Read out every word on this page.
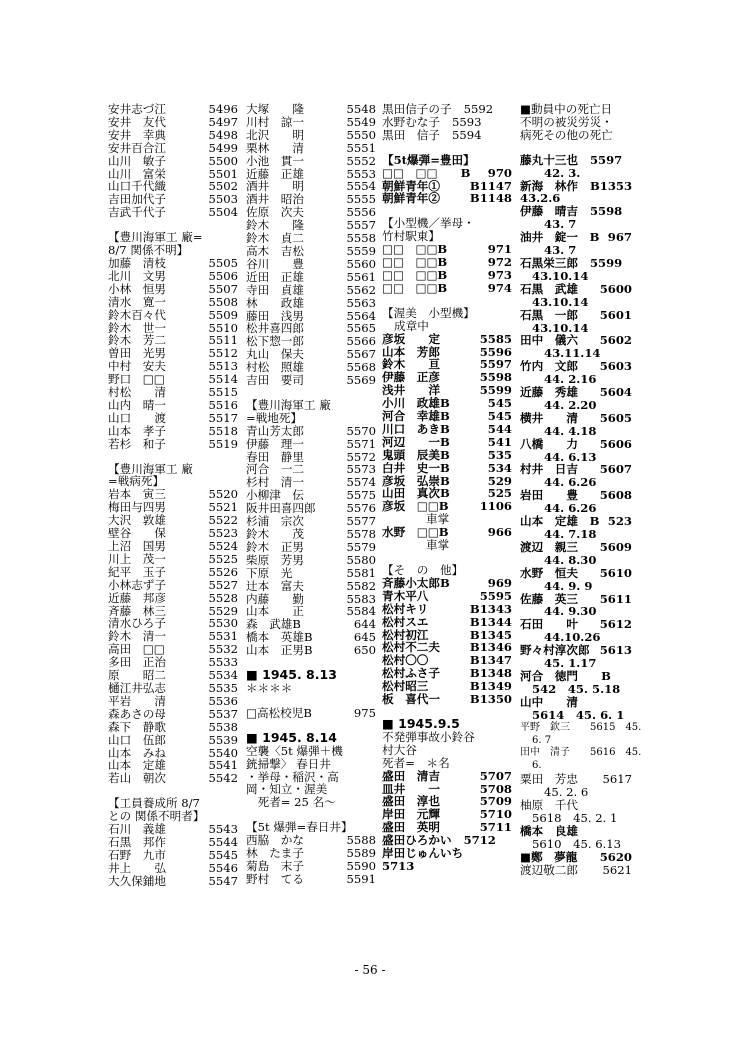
安井志づ江	5496
安井　友代	5497
安井　幸典	5498
安井百合江	5499
山川　敏子	5500
山川　富栄	5501
山口千代織	5502
吉田加代子	5503
吉武千代子	5504
【豊川海軍工 廠=
8/7 関係不明】
加藤　清枝	5505
北川　文男	5506
小林　恒男	5507
清水　寛一	5508
鈴木百々代	5509
鈴木　世一	5510
鈴木　芳二	5511
曽田　光男	5512
中村　安夫	5513
野口　□□	5514
村松　　清	5515
山内　晴一	5516
山口　　渡	5517
山本　孝子	5518
若杉　和子	5519
【豊川海軍工 廠
=戦病死】
岩本　寅三	5520
梅田与四男	5521
大沢　敦雄	5522
壁谷　　保	5523
上沼　国男	5524
川上　茂一	5525
紀平　玉子	5526
小林志ず子	5527
近藤　邦彦	5528
斉藤　林三	5529
清水ひろ子	5530
鈴木　清一	5531
高田　□□	5532
多田　正治	5533
原　　昭二	5534
樋江井弘志	5535
平岩　　清	5536
森あさの母	5537
森下　静歌	5538
山口　伍郎	5539
山本　みね	5540
山本　定雄	5541
若山　朝次	5542
【工員養成所 8/7
との 関係不明者】
石川　義雄	5543
石黒　邦作	5544
石野　九市	5545
井上　　弘	5546
大久保鋪地	5547
大塚　　隆	5548
川村　諒一	5549
北沢　　明	5550
栗林　　清	5551
小池　貫一	5552
近藤　正雄	5553
酒井　　明	5554
酒井　昭治	5555
佐原　次夫	5556
鈴木　　隆	5557
鈴木　貞二	5558
高木　吉松	5559
谷川　　豊	5560
近田　正雄	5561
寺田　貞雄	5562
林　　政雄	5563
藤田　浅男	5564
松井喜四郎	5565
松下惣一郎	5566
丸山　保夫	5567
村松　照雄	5568
吉田　要司	5569
【豊川海軍工 廠
=戦地死】
青山芳太郎	5570
伊藤　理一	5571
春田　静里	5572
河合　一二	5573
杉村　清一	5574
小柳津　伝	5575
阪井田喜四郎	5576
杉浦　宗次	5577
鈴木　　茂	5578
鈴木　正男	5579
柴原　芳男	5580
下原　光	5581
辻本　富夫	5582
内藤　　勤	5583
山本　　正	5584
森　武雄B	644
橋本　英雄B	645
山本　正男B	650
■ 1945. 8.13
＊＊＊＊
□高松校児B	975
■ 1945. 8.14
空襲〈5t 爆弾＋機
銃掃撃〉 春日井
・挙母・稲沢・高
岡・知立・渥美
　死者= 25 名〜
【5t 爆弾=春日井】
西脇　かな	5588
林　たま子	5589
菊島　末子	5590
野村　てる	5591
黒田信子の子	5592
水野むな子	5593
黒田　信子	5594
【5t爆弾=豊田】
□□　□□　　B	970
朝鮮青年①	B1147
朝鮮青年②	B1148
【小型機／挙母・
竹村駅東】
□□　□□B	971
□□　□□B	972
□□　□□B	973
□□　□□B	974
【渥美　小型機】
成章中
彦坂　　定	5585
山本　芳郎	5596
鈴木　　亘	5597
伊藤　正彦	5598
浅井　　洋	5599
小川　政雄B	545
河合　幸雄B	545
川口　あきB	544
河辺　　一B	541
鬼頭　辰美B	535
白井　史一B	534
彦坂　弘崇B	529
山田　真次B	525
彦坂　□□B	1106
車掌
水野　□□B	966
車掌
【そ　の　他】
斉藤小太郎B	969
青木平八	5595
松村キリ	B1343
松村スエ	B1344
松村初江	B1345
松村不二夫	B1346
松村〇〇	B1347
松村ふさ子	B1348
松村昭三	B1349
板　喜代一	B1350
■ 1945.9.5
不発弾事故小鈴谷
村大谷
死者=　＊名
盛田　清吉	5707
皿井　　一	5708
盛田　淳也	5709
岸田　元輝	5710
盛田　英明	5711
盛田ひろかい	5712
岸田じゅんいち
5713
■動員中の死亡日
不明の被災労災・
病死その他の死亡
藤丸十三也	5597
42. 3.
新海　林作	B1353
43.2.6
伊藤　晴吉	5598
43. 7
油井　錠一　B 967
43. 7
石黒栄三郎	5599
43.10.14
石黒　武雄	5600
43.10.14
石黒　一郎	5601
43.10.14
田中　儀六	5602
43.11.14
竹内　文郎	5603
44. 2.16
近藤　秀雄	5604
44. 2.20
横井　　清	5605
44. 4.18
八橋　　力	5606
44. 6.13
村井　日吉	5607
44. 6.26
岩田　　豊	5608
44. 6.26
山本　定雄　B 523
44. 7.18
渡辺　親三	5609
44. 8.30
水野　恒夫	5610
44. 9. 9
佐藤　英三	5611
44. 9.30
石田　　叶	5612
44.10.26
野々村淳次郎 5613
45. 1.17
河合　徳門　　B
542　45. 5.18
山中　　清
5614　45. 6. 1
平野　欽三　　5615　45.
6. 7
田中　清子　　5616　45.
6.
粟田　芳忠	5617
45. 2. 6
柚原　千代
5618　45. 2. 1
橋本　良雄
5610　45. 6.13
■鄭　夢龍	5620
渡辺敬二郎	5621
- 56 -
